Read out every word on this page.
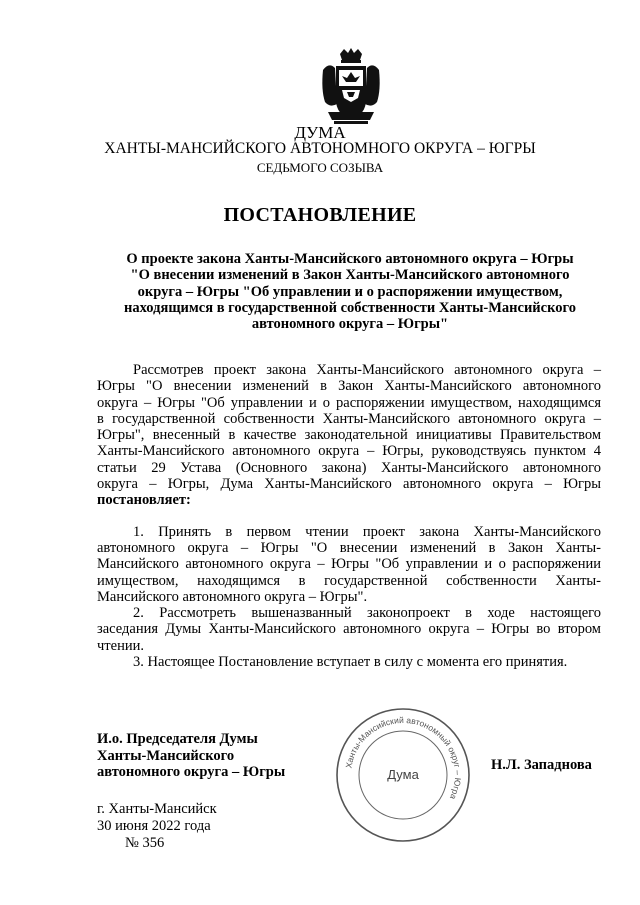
ДУМА
ХАНТЫ-МАНСИЙСКОГО АВТОНОМНОГО ОКРУГА – ЮГРЫ
СЕДЬМОГО СОЗЫВА
ПОСТАНОВЛЕНИЕ
О проекте закона Ханты-Мансийского автономного округа – Югры
"О внесении изменений в Закон Ханты-Мансийского автономного
округа – Югры "Об управлении и о распоряжении имуществом,
находящимся в государственной собственности Ханты-Мансийского
автономного округа – Югры"
Рассмотрев проект закона Ханты-Мансийского автономного округа –
Югры "О внесении изменений в Закон Ханты-Мансийского автономного
округа – Югры "Об управлении и о распоряжении имуществом, находящимся
в государственной собственности Ханты-Мансийского автономного округа –
Югры", внесенный в качестве законодательной инициативы Правительством
Ханты-Мансийского автономного округа – Югры, руководствуясь пунктом 4
статьи 29 Устава (Основного закона) Ханты-Мансийского автономного
округа – Югры, Дума Ханты-Мансийского автономного округа – Югры
постановляет:
1. Принять в первом чтении проект закона Ханты-Мансийского
автономного округа – Югры "О внесении изменений в Закон Ханты-
Мансийского автономного округа – Югры "Об управлении и о распоряжении
имуществом, находящимся в государственной собственности Ханты-
Мансийского автономного округа – Югры".
2. Рассмотреть вышеназванный законопроект в ходе настоящего
заседания Думы Ханты-Мансийского автономного округа – Югры во втором
чтении.
3. Настоящее Постановление вступает в силу с момента его принятия.
И.о. Председателя Думы
Ханты-Мансийского
автономного округа – Югры	Ханты-Мансийский автономный округ – Югра
Дума
Н.Л. Западнова
г. Ханты-Мансийск
30 июня 2022 года
№ 356
